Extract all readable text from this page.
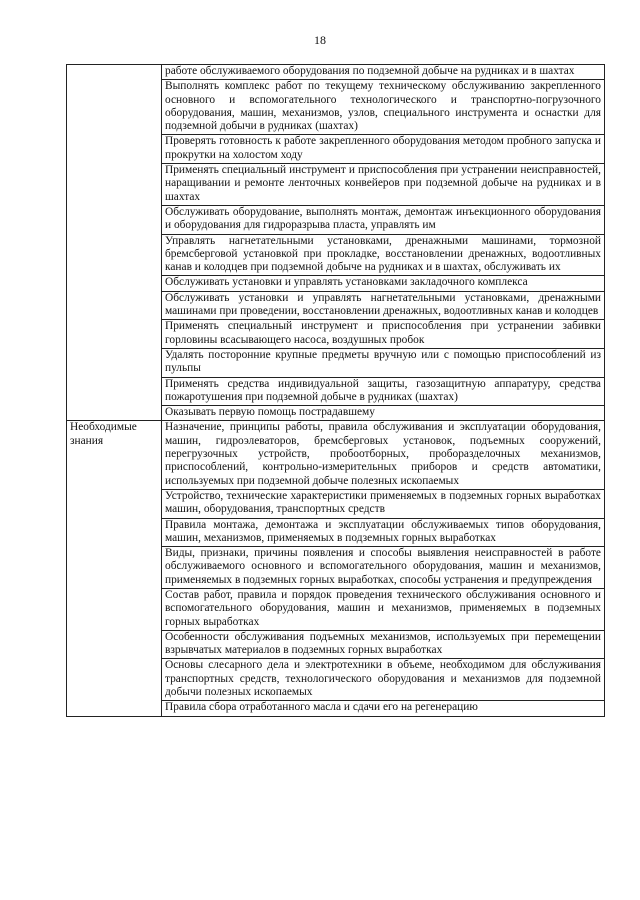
18
	работе обслуживаемого оборудования по подземной добыче на рудниках и в шахтах
	Выполнять комплекс работ по текущему техническому обслуживанию закрепленного основного и вспомогательного технологического и транспортно-погрузочного оборудования, машин, механизмов, узлов, специального инструмента и оснастки для подземной добычи в рудниках (шахтах)
	Проверять готовность к работе закрепленного оборудования методом пробного запуска и прокрутки на холостом ходу
	Применять специальный инструмент и приспособления при устранении неисправностей, наращивании и ремонте ленточных конвейеров при подземной добыче на рудниках и в шахтах
	Обслуживать оборудование, выполнять монтаж, демонтаж инъекционного оборудования и оборудования для гидроразрыва пласта, управлять им
	Управлять нагнетательными установками, дренажными машинами, тормозной бремсберговой установкой при прокладке, восстановлении дренажных, водоотливных канав и колодцев при подземной добыче на рудниках и в шахтах, обслуживать их
	Обслуживать установки и управлять установками закладочного комплекса
	Обслуживать установки и управлять нагнетательными установками, дренажными машинами при проведении, восстановлении дренажных, водоотливных канав и колодцев
	Применять специальный инструмент и приспособления при устранении забивки горловины всасывающего насоса, воздушных пробок
	Удалять посторонние крупные предметы вручную или с помощью приспособлений из пульпы
	Применять средства индивидуальной защиты, газозащитную аппаратуру, средства пожаротушения при подземной добыче в рудниках (шахтах)
	Оказывать первую помощь пострадавшему
Необходимые знания	Назначение, принципы работы, правила обслуживания и эксплуатации оборудования, машин, гидроэлеваторов, бремсберговых установок, подъемных сооружений, перегрузочных устройств, пробоотборных, проборазделочных механизмов, приспособлений, контрольно-измерительных приборов и средств автоматики, используемых при подземной добыче полезных ископаемых
	Устройство, технические характеристики применяемых в подземных горных выработках машин, оборудования, транспортных средств
	Правила монтажа, демонтажа и эксплуатации обслуживаемых типов оборудования, машин, механизмов, применяемых в подземных горных выработках
	Виды, признаки, причины появления и способы выявления неисправностей в работе обслуживаемого основного и вспомогательного оборудования, машин и механизмов, применяемых в подземных горных выработках, способы устранения и предупреждения
	Состав работ, правила и порядок проведения технического обслуживания основного и вспомогательного оборудования, машин и механизмов, применяемых в подземных горных выработках
	Особенности обслуживания подъемных механизмов, используемых при перемещении взрывчатых материалов в подземных горных выработках
	Основы слесарного дела и электротехники в объеме, необходимом для обслуживания транспортных средств, технологического оборудования и механизмов для подземной добычи полезных ископаемых
	Правила сбора отработанного масла и сдачи его на регенерацию
